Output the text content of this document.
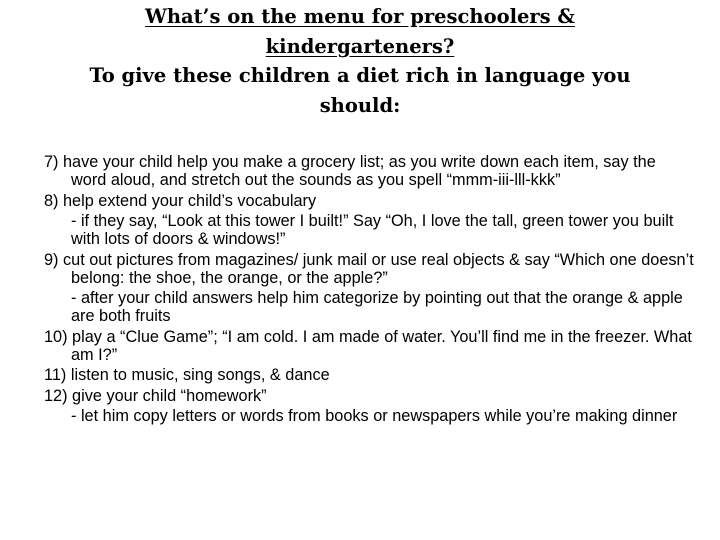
What’s on the menu for preschoolers &
kindergarteners?
To give these children a diet rich in language you
should:

7) have your child help you make a grocery list; as you write down each item, say the word aloud, and stretch out the sounds as you spell “mmm-iii-lll-kkk”

8) help extend your child’s vocabulary

- if they say, “Look at this tower I built!” Say “Oh, I love the tall, green tower you built with lots of doors & windows!”

9) cut out pictures from magazines/ junk mail or use real objects & say “Which one doesn’t belong: the shoe, the orange, or the apple?”

- after your child answers help him categorize by pointing out that the orange & apple are both fruits

10) play a “Clue Game”; “I am cold. I am made of water. You’ll find me in the freezer. What am I?”

11) listen to music, sing songs, & dance

12) give your child “homework”

- let him copy letters or words from books or newspapers while you’re making dinner
